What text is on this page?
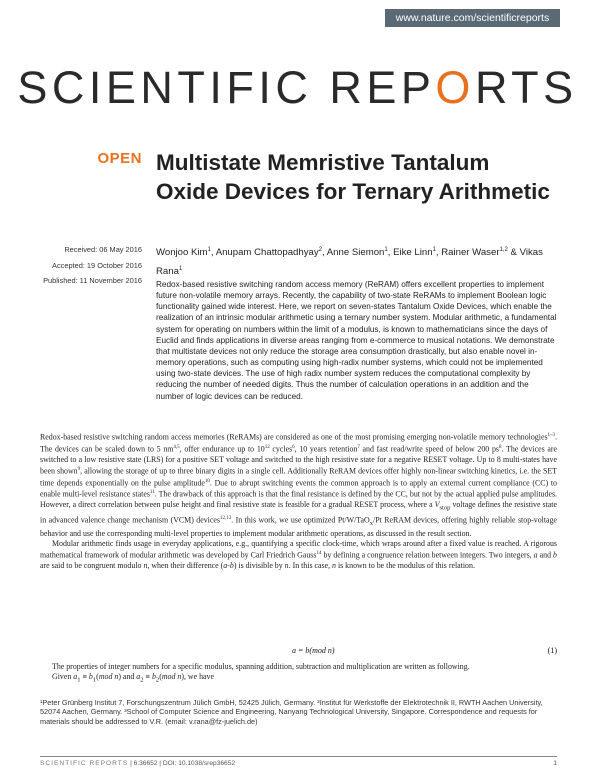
www.nature.com/scientificreports
SCIENTIFIC REPORTS
OPEN Multistate Memristive Tantalum Oxide Devices for Ternary Arithmetic
Received: 06 May 2016
Accepted: 19 October 2016
Published: 11 November 2016
Wonjoo Kim$^1$, Anupam Chattopadhyay$^2$, Anne Siemon$^1$, Eike Linn$^1$, Rainer Waser$^{1,2}$ & Vikas Rana$^1$
Redox-based resistive switching random access memory (ReRAM) offers excellent properties to implement future non-volatile memory arrays. Recently, the capability of two-state ReRAMs to implement Boolean logic functionality gained wide interest. Here, we report on seven-states Tantalum Oxide Devices, which enable the realization of an intrinsic modular arithmetic using a ternary number system. Modular arithmetic, a fundamental system for operating on numbers within the limit of a modulus, is known to mathematicians since the days of Euclid and finds applications in diverse areas ranging from e-commerce to musical notations. We demonstrate that multistate devices not only reduce the storage area consumption drastically, but also enable novel in-memory operations, such as computing using high-radix number systems, which could not be implemented using two-state devices. The use of high radix number system reduces the computational complexity by reducing the number of needed digits. Thus the number of calculation operations in an addition and the number of logic devices can be reduced.

Redox-based resistive switching random access memories (ReRAMs) are considered as one of the most promising emerging non-volatile memory technologies$^{1-3}$. The devices can be scaled down to 5 nm$^{4,5}$, offer endurance up to $10^{12}$ cycles$^6$, 10 years retention$^7$ and fast read/write speed of below 200 $ps^8$. The devices are switched to a low resistive state (LRS) for a positive SET voltage and switched to the high resistive state for a negative RESET voltage. Up to 8 multi-states have been shown$^9$, allowing the storage of up to three binary digits in a single cell. Additionally ReRAM devices offer highly non-linear switching kinetics, i.e. the SET time depends exponentially on the pulse amplitude$^{10}$. Due to abrupt switching events the common approach is to apply an external current compliance (CC) to enable multi-level resistance states$^{11}$. The drawback of this approach is that the final resistance is defined by the CC, but not by the actual applied pulse amplitudes. However, a direct correlation between pulse height and final resistive state is feasible for a gradual RESET process, where a $V_{stop}$ voltage defines the resistive state in advanced valence change mechanism (VCM) devices$^{12,13}$. In this work, we use optimized Pt/W/TaO$_x$/Pt ReRAM devices, offering highly reliable stop-voltage behavior and use the corresponding multi-level properties to implement modular arithmetic operations, as discussed in the result section.

Modular arithmetic finds usage in everyday applications, e.g., quantifying a specific clock-time, which wraps around after a fixed value is reached. A rigorous mathematical framework of modular arithmetic was developed by Carl Friedrich Gauss$^{14}$ by defining a congruence relation between integers. Two integers, a and b are said to be congruent modulo n, when their difference (a-b) is divisible by n. In this case, n is known to be the modulus of this relation.

a = b(mod n)	(1)

The properties of integer numbers for a specific modulus, spanning addition, subtraction and multiplication are written as following.

Given $a_1 \equiv b_1(mod$ n) and $a_2 \equiv b_2(mod$ n), we have

¹Peter Grünberg Institut 7, Forschungszentrum Jülich GmbH, 52425 Jülich, Germany. ²Institut für Werkstoffe der Elektrotechnik II, RWTH Aachen University, 52074 Aachen, Germany. ³School of Computer Science and Engineering, Nanyang Technological University, Singapore. Correspondence and requests for materials should be addressed to V.R. (email: v.rana@fz-juelich.de)
SCIENTIFIC REPORTS | 6:36652 | DOI: 10.1038/srep36652	1
